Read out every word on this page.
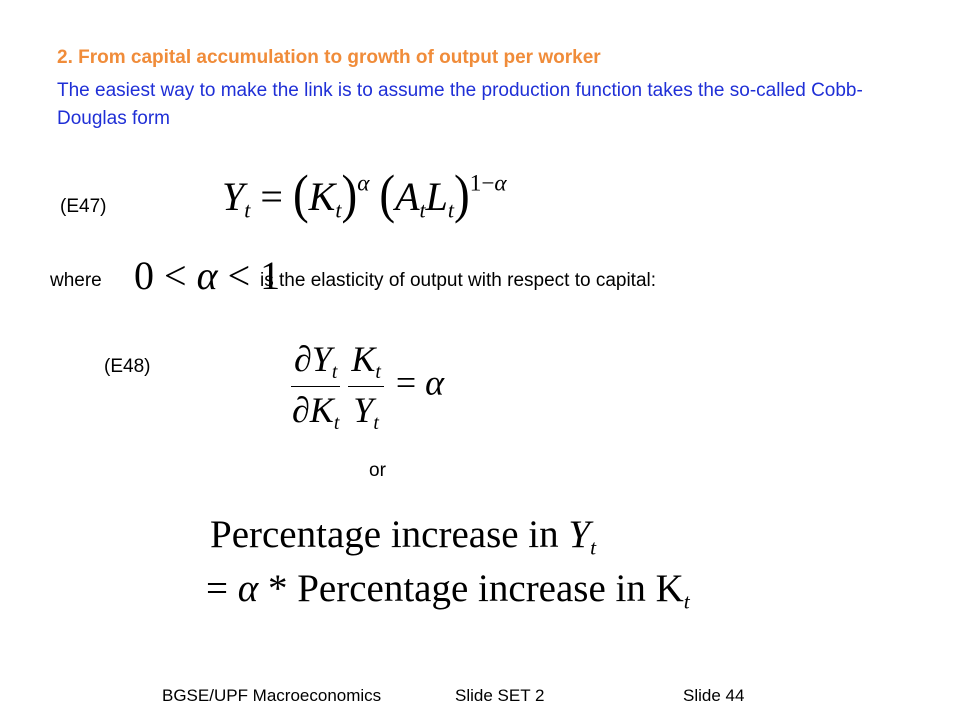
2. From capital accumulation to growth of output per worker
The easiest way to make the link is to assume the production function takes the so-called Cobb-Douglas form
(E47)	$Y_t = (K_t)^\alpha$ $(A_tL_t)^{1-\alpha}$
where 0 < α < 1
is the elasticity of output with respect to capital:
(E48)	$\frac{\partial Y_t}{\partial K_t} \frac{K_t}{Y_t} = \alpha$
or
Percentage increase in $Y_t$
= α * Percentage increase in $K_t$
BGSE/UPF Macroeconomics	Slide SET 2	Slide 44
